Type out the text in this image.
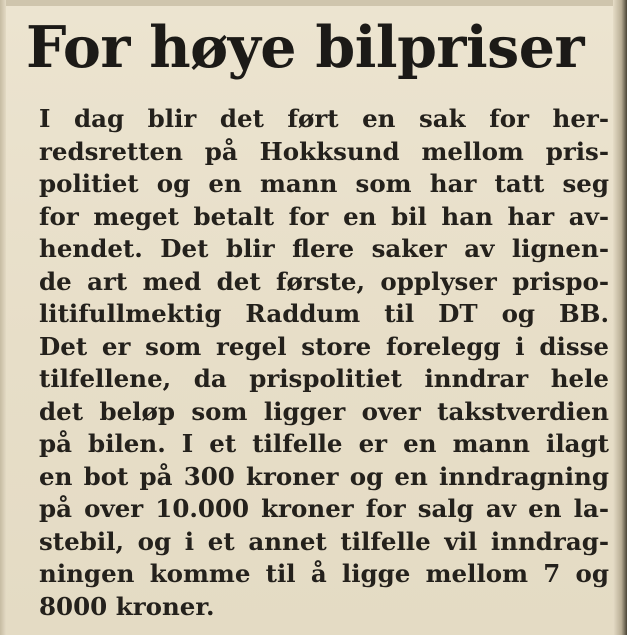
For høye bilpriser
I dag blir det ført en sak for her-
redsretten på Hokksund mellom pris-
politiet og en mann som har tatt seg
for meget betalt for en bil han har av-
hendet. Det blir flere saker av lignen-
de art med det første, opplyser prispo-
litifullmektig Raddum til DT og BB.
Det er som regel store forelegg i disse
tilfellene, da prispolitiet inndrar hele
det beløp som ligger over takstverdien
på bilen. I et tilfelle er en mann ilagt
en bot på 300 kroner og en inndragning
på over 10.000 kroner for salg av en la-
stebil, og i et annet tilfelle vil inndrag-
ningen komme til å ligge mellom 7 og
8000 kroner.
